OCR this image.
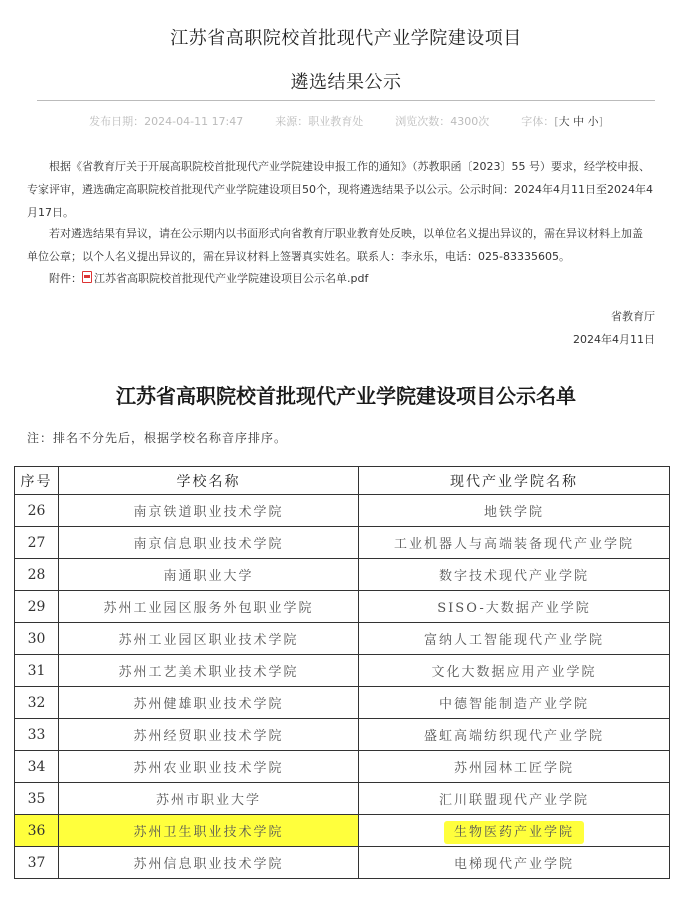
江苏省高职院校首批现代产业学院建设项目
遴选结果公示
发布日期：2024-04-11 17:47	来源：职业教育处	浏览次数：4300次	字体：[大 中 小]
根据《省教育厅关于开展高职院校首批现代产业学院建设申报工作的通知》（苏教职函〔2023〕55 号）要求，经学校申报、专家评审，遴选确定高职院校首批现代产业学院建设项目50个，现将遴选结果予以公示。公示时间：2024年4月11日至2024年4月17日。
若对遴选结果有异议，请在公示期内以书面形式向省教育厅职业教育处反映，以单位名义提出异议的，需在异议材料上加盖单位公章；以个人名义提出异议的，需在异议材料上签署真实姓名。联系人：李永乐，电话：025-83335605。
附件： 江苏省高职院校首批现代产业学院建设项目公示名单.pdf
省教育厅
2024年4月11日
江苏省高职院校首批现代产业学院建设项目公示名单
注：排名不分先后，根据学校名称音序排序。
序号	学校名称	现代产业学院名称
26	南京铁道职业技术学院	地铁学院
27	南京信息职业技术学院	工业机器人与高端装备现代产业学院
28	南通职业大学	数字技术现代产业学院
29	苏州工业园区服务外包职业学院	SISO-大数据产业学院
30	苏州工业园区职业技术学院	富纳人工智能现代产业学院
31	苏州工艺美术职业技术学院	文化大数据应用产业学院
32	苏州健雄职业技术学院	中德智能制造产业学院
33	苏州经贸职业技术学院	盛虹高端纺织现代产业学院
34	苏州农业职业技术学院	苏州园林工匠学院
35	苏州市职业大学	汇川联盟现代产业学院
36	苏州卫生职业技术学院	生物医药产业学院
37	苏州信息职业技术学院	电梯现代产业学院
